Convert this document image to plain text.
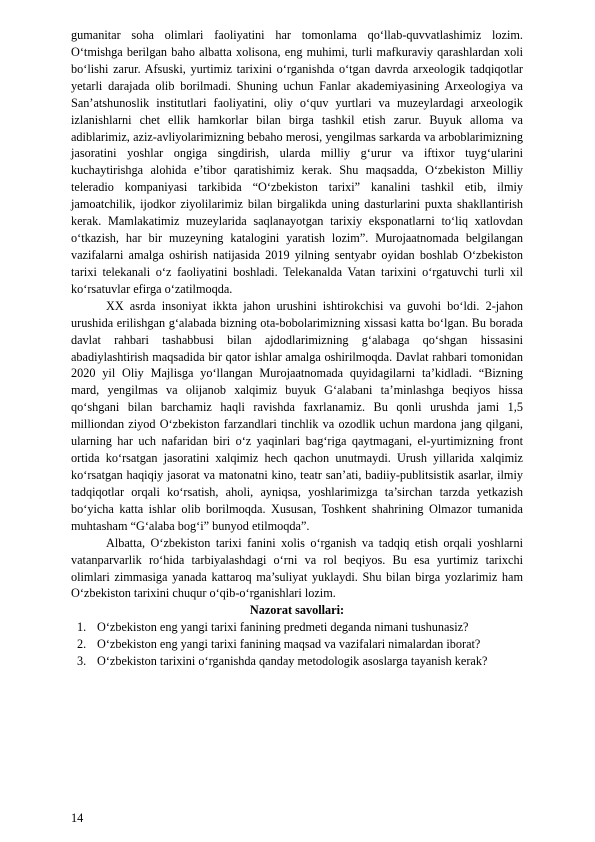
gumanitar soha olimlari faoliyatini har tomonlama qo‘llab-quvvatlashimiz lozim. O‘tmishga berilgan baho albatta xolisona, eng muhimi, turli mafkuraviy qarashlardan xoli bo‘lishi zarur. Afsuski, yurtimiz tarixini o‘rganishda o‘tgan davrda arxeologik tadqiqotlar yetarli darajada olib borilmadi. Shuning uchun Fanlar akademiyasining Arxeologiya va San’atshunoslik institutlari faoliyatini, oliy o‘quv yurtlari va muzeylardagi arxeologik izlanishlarni chet ellik hamkorlar bilan birga tashkil etish zarur. Buyuk alloma va adiblarimiz, aziz-avliyolarimizning bebaho merosi, yengilmas sarkarda va arboblarimizning jasoratini yoshlar ongiga singdirish, ularda milliy g‘urur va iftixor tuyg‘ularini kuchaytirishga alohida e’tibor qaratishimiz kerak. Shu maqsadda, O‘zbekiston Milliy teleradio kompaniyasi tarkibida “O‘zbekiston tarixi” kanalini tashkil etib, ilmiy jamoatchilik, ijodkor ziyolilarimiz bilan birgalikda uning dasturlarini puxta shakllantirish kerak. Mamlakatimiz muzeylarida saqlanayotgan tarixiy eksponatlarni to‘liq xatlovdan o‘tkazish, har bir muzeyning katalogini yaratish lozim”. Murojaatnomada belgilangan vazifalarni amalga oshirish natijasida 2019 yilning sentyabr oyidan boshlab O‘zbekiston tarixi telekanali o‘z faoliyatini boshladi. Telekanalda Vatan tarixini o‘rgatuvchi turli xil ko‘rsatuvlar efirga o‘zatilmoqda.

XX asrda insoniyat ikkta jahon urushini ishtirokchisi va guvohi bo‘ldi. 2-jahon urushida erilishgan g‘alabada bizning ota-bobolarimizning xissasi katta bo‘lgan. Bu borada davlat rahbari tashabbusi bilan ajdodlarimizning g‘alabaga qo‘shgan hissasini abadiylashtirish maqsadida bir qator ishlar amalga oshirilmoqda. Davlat rahbari tomonidan 2020 yil Oliy Majlisga yo‘llangan Murojaatnomada quyidagilarni ta’kidladi. “Bizning mard, yengilmas va olijanob xalqimiz buyuk G‘alabani ta’minlashga beqiyos hissa qo‘shgani bilan barchamiz haqli ravishda faxrlanamiz. Bu qonli urushda jami 1,5 milliondan ziyod O‘zbekiston farzandlari tinchlik va ozodlik uchun mardona jang qilgani, ularning har uch nafaridan biri o‘z yaqinlari bag‘riga qaytmagani, el-yurtimizning front ortida ko‘rsatgan jasoratini xalqimiz hech qachon unutmaydi. Urush yillarida xalqimiz ko‘rsatgan haqiqiy jasorat va matonatni kino, teatr san’ati, badiiy-publitsistik asarlar, ilmiy tadqiqotlar orqali ko‘rsatish, aholi, ayniqsa, yoshlarimizga ta’sirchan tarzda yetkazish bo‘yicha katta ishlar olib borilmoqda. Xususan, Toshkent shahrining Olmazor tumanida muhtasham “G‘alaba bog‘i” bunyod etilmoqda”.

Albatta, O‘zbekiston tarixi fanini xolis o‘rganish va tadqiq etish orqali yoshlarni vatanparvarlik ro‘hida tarbiyalashdagi o‘rni va rol beqiyos. Bu esa yurtimiz tarixchi olimlari zimmasiga yanada kattaroq ma’suliyat yuklaydi. Shu bilan birga yozlarimiz ham O‘zbekiston tarixini chuqur o‘qib-o‘rganishlari lozim.

Nazorat savollari:
1. O‘zbekiston eng yangi tarixi fanining predmeti deganda nimani tushunasiz?
2. O‘zbekiston eng yangi tarixi fanining maqsad va vazifalari nimalardan iborat?
3. O‘zbekiston tarixini o‘rganishda qanday metodologik asoslarga tayanish kerak?
14
